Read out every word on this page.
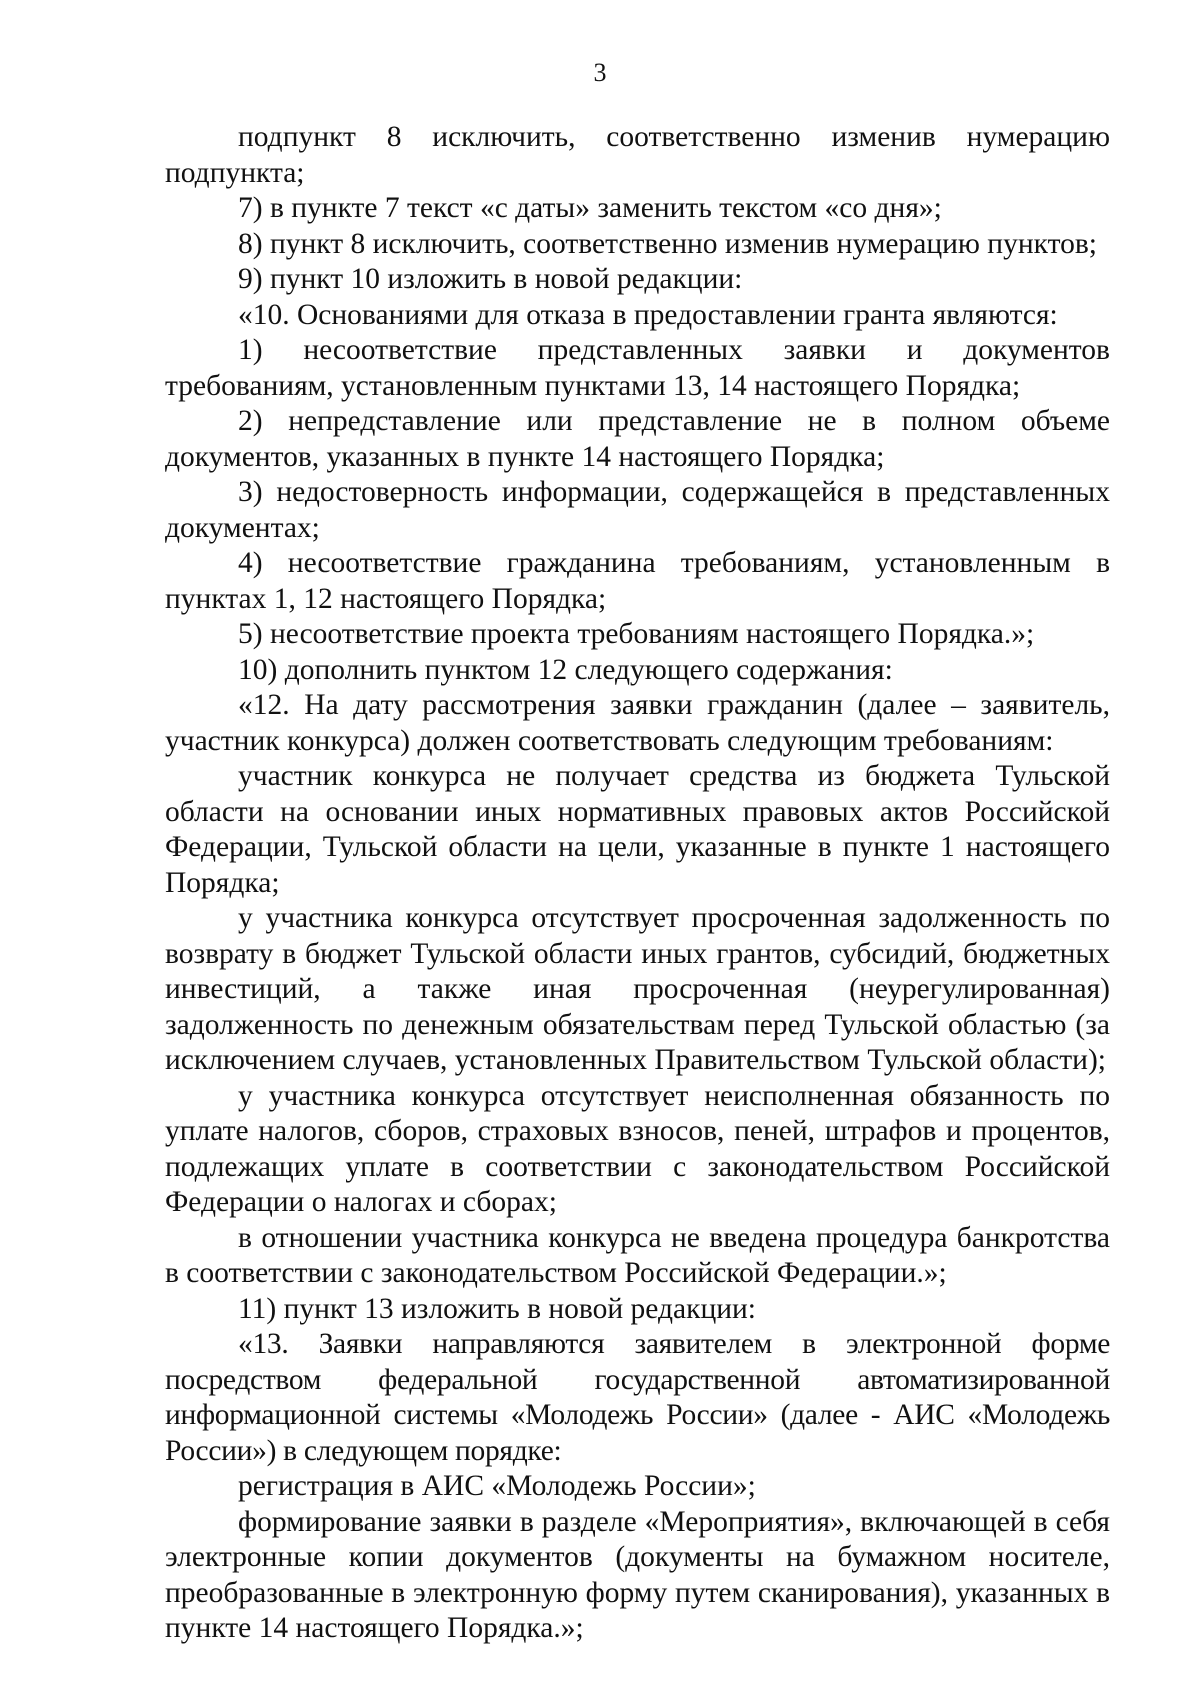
3

подпункт 8 исключить, соответственно изменив нумерацию подпункта;

7) в пункте 7 текст «с даты» заменить текстом «со дня»;

8) пункт 8 исключить, соответственно изменив нумерацию пунктов;

9) пункт 10 изложить в новой редакции:

«10. Основаниями для отказа в предоставлении гранта являются:

1) несоответствие представленных заявки и документов требованиям, установленным пунктами 13, 14 настоящего Порядка;

2) непредставление или представление не в полном объеме документов, указанных в пункте 14 настоящего Порядка;

3) недостоверность информации, содержащейся в представленных документах;

4) несоответствие гражданина требованиям, установленным в пунктах 1, 12 настоящего Порядка;

5) несоответствие проекта требованиям настоящего Порядка.»;

10) дополнить пунктом 12 следующего содержания:

«12. На дату рассмотрения заявки гражданин (далее – заявитель, участник конкурса) должен соответствовать следующим требованиям:

участник конкурса не получает средства из бюджета Тульской области на основании иных нормативных правовых актов Российской Федерации, Тульской области на цели, указанные в пункте 1 настоящего Порядка;

у участника конкурса отсутствует просроченная задолженность по возврату в бюджет Тульской области иных грантов, субсидий, бюджетных инвестиций, а также иная просроченная (неурегулированная) задолженность по денежным обязательствам перед Тульской областью (за исключением случаев, установленных Правительством Тульской области);

у участника конкурса отсутствует неисполненная обязанность по уплате налогов, сборов, страховых взносов, пеней, штрафов и процентов, подлежащих уплате в соответствии с законодательством Российской Федерации о налогах и сборах;

в отношении участника конкурса не введена процедура банкротства в соответствии с законодательством Российской Федерации.»;

11) пункт 13 изложить в новой редакции:

«13. Заявки направляются заявителем в электронной форме посредством федеральной государственной автоматизированной информационной системы «Молодежь России» (далее - АИС «Молодежь России») в следующем порядке:

регистрация в АИС «Молодежь России»;

формирование заявки в разделе «Мероприятия», включающей в себя электронные копии документов (документы на бумажном носителе, преобразованные в электронную форму путем сканирования), указанных в пункте 14 настоящего Порядка.»;
